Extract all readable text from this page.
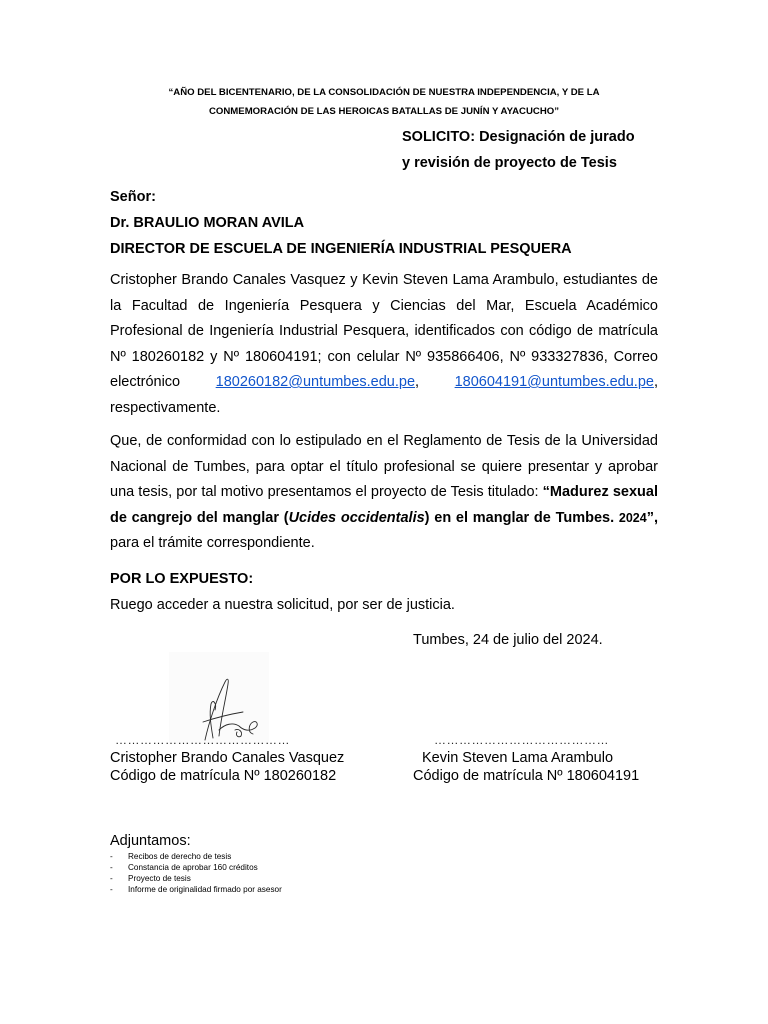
“AÑO DEL BICENTENARIO, DE LA CONSOLIDACIÓN DE NUESTRA INDEPENDENCIA, Y DE LA
CONMEMORACIÓN DE LAS HEROICAS BATALLAS DE JUNÍN Y AYACUCHO”
SOLICITO: Designación de jurado
y revisión de proyecto de Tesis
Señor:
Dr. BRAULIO MORAN AVILA
DIRECTOR DE ESCUELA DE INGENIERÍA INDUSTRIAL PESQUERA

Cristopher Brando Canales Vasquez y Kevin Steven Lama Arambulo, estudiantes de la Facultad de Ingeniería Pesquera y Ciencias del Mar, Escuela Académico Profesional de Ingeniería Industrial Pesquera, identificados con código de matrícula Nº 180260182 y Nº 180604191; con celular Nº 935866406, Nº 933327836, Correo electrónico 180260182@untumbes.edu.pe, 180604191@untumbes.edu.pe, respectivamente.

Que, de conformidad con lo estipulado en el Reglamento de Tesis de la Universidad Nacional de Tumbes, para optar el título profesional se quiere presentar y aprobar una tesis, por tal motivo presentamos el proyecto de Tesis titulado: “Madurez sexual de cangrejo del manglar (Ucides occidentalis) en el manglar de Tumbes. 2024”, para el trámite correspondiente.

POR LO EXPUESTO:
Ruego acceder a nuestra solicitud, por ser de justicia.
Tumbes, 24 de julio del 2024.
……………………………………	……………………………………
Cristopher Brando Canales Vasquez
Código de matrícula Nº 180260182
Kevin Steven Lama Arambulo
Código de matrícula Nº 180604191
Adjuntamos:
- Recibos de derecho de tesis
- Constancia de aprobar 160 créditos
- Proyecto de tesis
- Informe de originalidad firmado por asesor
